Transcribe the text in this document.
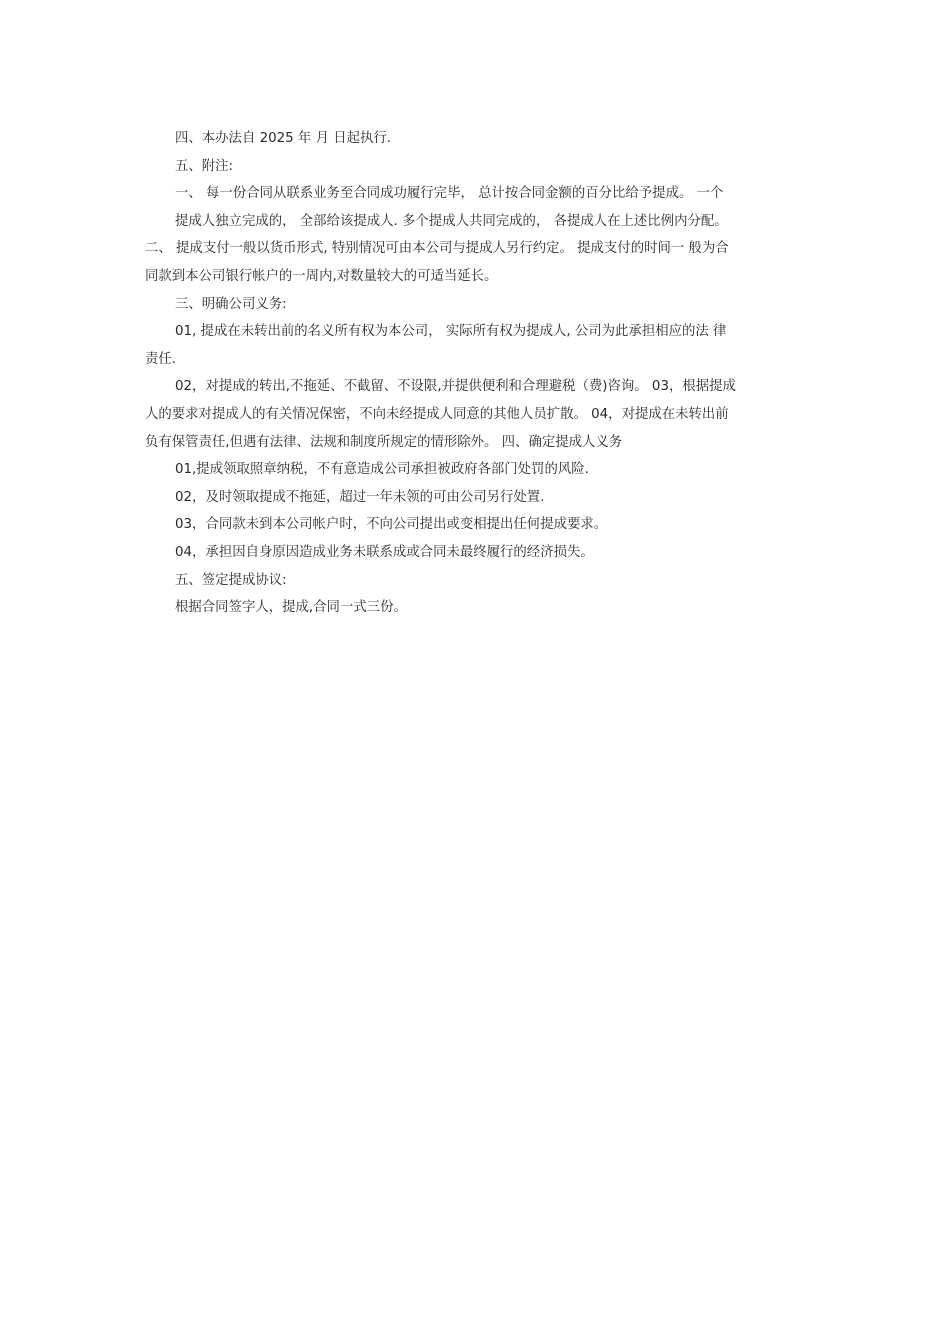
四、本办法自 2025 年 月 日起执行.
五、附注:
一、 每一份合同从联系业务至合同成功履行完毕， 总计按合同金额的百分比给予提成。 一个
提成人独立完成的， 全部给该提成人. 多个提成人共同完成的， 各提成人在上述比例内分配。
二、 提成支付一般以货币形式, 特别情况可由本公司与提成人另行约定。 提成支付的时间一 般为合
同款到本公司银行帐户的一周内,对数量较大的可适当延长。
三、明确公司义务:
01, 提成在未转出前的名义所有权为本公司， 实际所有权为提成人, 公司为此承担相应的法 律
责任.
02，对提成的转出,不拖延、不截留、不设限,并提供便利和合理避税（费)咨询。 03，根据提成
人的要求对提成人的有关情况保密，不向未经提成人同意的其他人员扩散。 04，对提成在未转出前
负有保管责任,但遇有法律、法规和制度所规定的情形除外。 四、确定提成人义务
01,提成领取照章纳税，不有意造成公司承担被政府各部门处罚的风险.
02，及时领取提成不拖延，超过一年未领的可由公司另行处置.
03，合同款未到本公司帐户时，不向公司提出或变相提出任何提成要求。
04，承担因自身原因造成业务未联系成或合同未最终履行的经济损失。
五、签定提成协议:
根据合同签字人，提成,合同一式三份。
